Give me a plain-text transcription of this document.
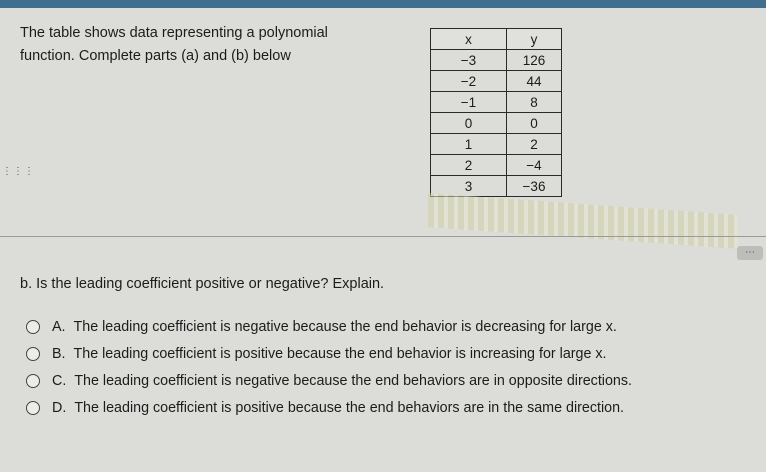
The table shows data representing a polynomial
function. Complete parts (a) and (b) below
x	y
−3	126
−2	44
−1	8
0	0
1	2
2	−4
3	−36
⋮⋮⋮
⋯
b. Is the leading coefficient positive or negative? Explain.
A. The leading coefficient is negative because the end behavior is decreasing for large x.
B. The leading coefficient is positive because the end behavior is increasing for large x.
C. The leading coefficient is negative because the end behaviors are in opposite directions.
D. The leading coefficient is positive because the end behaviors are in the same direction.
